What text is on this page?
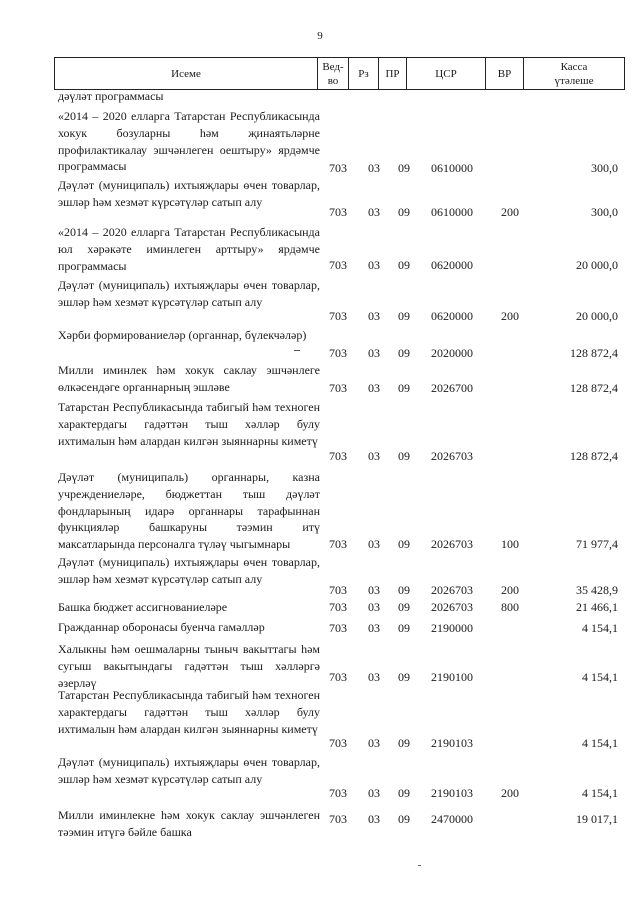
9
Исеме
Вед-во
Рз	ПР	ЦСР	ВР
Касса үтәлеше
дәүләт программасы
«2014 – 2020 елларга Татарстан Республикасында хокук бозуларны һәм җинаятьләрне профилактикалау эшчәнлеген оештыру» ярдәмче программасы	703 03 09 0610000	300,0
Дәүләт (муниципаль) ихтыяҗлары өчен товарлар, эшләр һәм хезмәт күрсәтүләр сатып алу
703 03 09 0610000 200	300,0
«2014 – 2020 елларга Татарстан Республикасында юл хәрәкәте иминлеген арттыру» ярдәмче программасы	703 03 09 0620000	20 000,0
Дәүләт (муниципаль) ихтыяҗлары өчен товарлар, эшләр һәм хезмәт күрсәтүләр сатып алу
703 03 09 0620000 200	20 000,0
Хәрби формированиеләр (органнар, бүлекчәләр)
703 03 09 2020000	128 872,4
Милли иминлек һәм хокук саклау эшчәнлеге өлкәсендәге органнарның эшләве	703 03 09 2026700	128 872,4
Татарстан Республикасында табигый һәм техноген характердагы гадәттән тыш хәлләр булу ихтималын һәм алардан килгән зыяннарны киметү
703 03 09 2026703	128 872,4
Дәүләт (муниципаль) органнары, казна учреждениеләре, бюджеттан тыш дәүләт фондларының идарә органнары тарафыннан функцияләр башкаруны тәэмин итү максатларында персоналга түләү чыгымнары	703 03 09 2026703 100	71 977,4
Дәүләт (муниципаль) ихтыяҗлары өчен товарлар, эшләр һәм хезмәт күрсәтүләр сатып алу
703 03 09 2026703 200	35 428,9
Башка бюджет ассигнованиеләре	703 03 09 2026703 800	21 466,1
Гражданнар оборонасы буенча гамәлләр	703 03 09 2190000	4 154,1
Халыкны һәм оешмаларны тыныч вакыттагы һәм сугыш вакытындагы гадәттән тыш хәлләргә әзерләү	703 03 09 2190100	4 154,1
Татарстан Республикасында табигый һәм техноген характердагы гадәттән тыш хәлләр булу ихтималын һәм алардан килгән зыяннарны киметү
703 03 09 2190103	4 154,1
Дәүләт (муниципаль) ихтыяҗлары өчен товарлар, эшләр һәм хезмәт күрсәтүләр сатып алу
703 03 09 2190103 200	4 154,1
Милли иминлекне һәм хокук саклау эшчәнлеген тәэмин итүгә бәйле башка
703 03 09 2470000	19 017,1
